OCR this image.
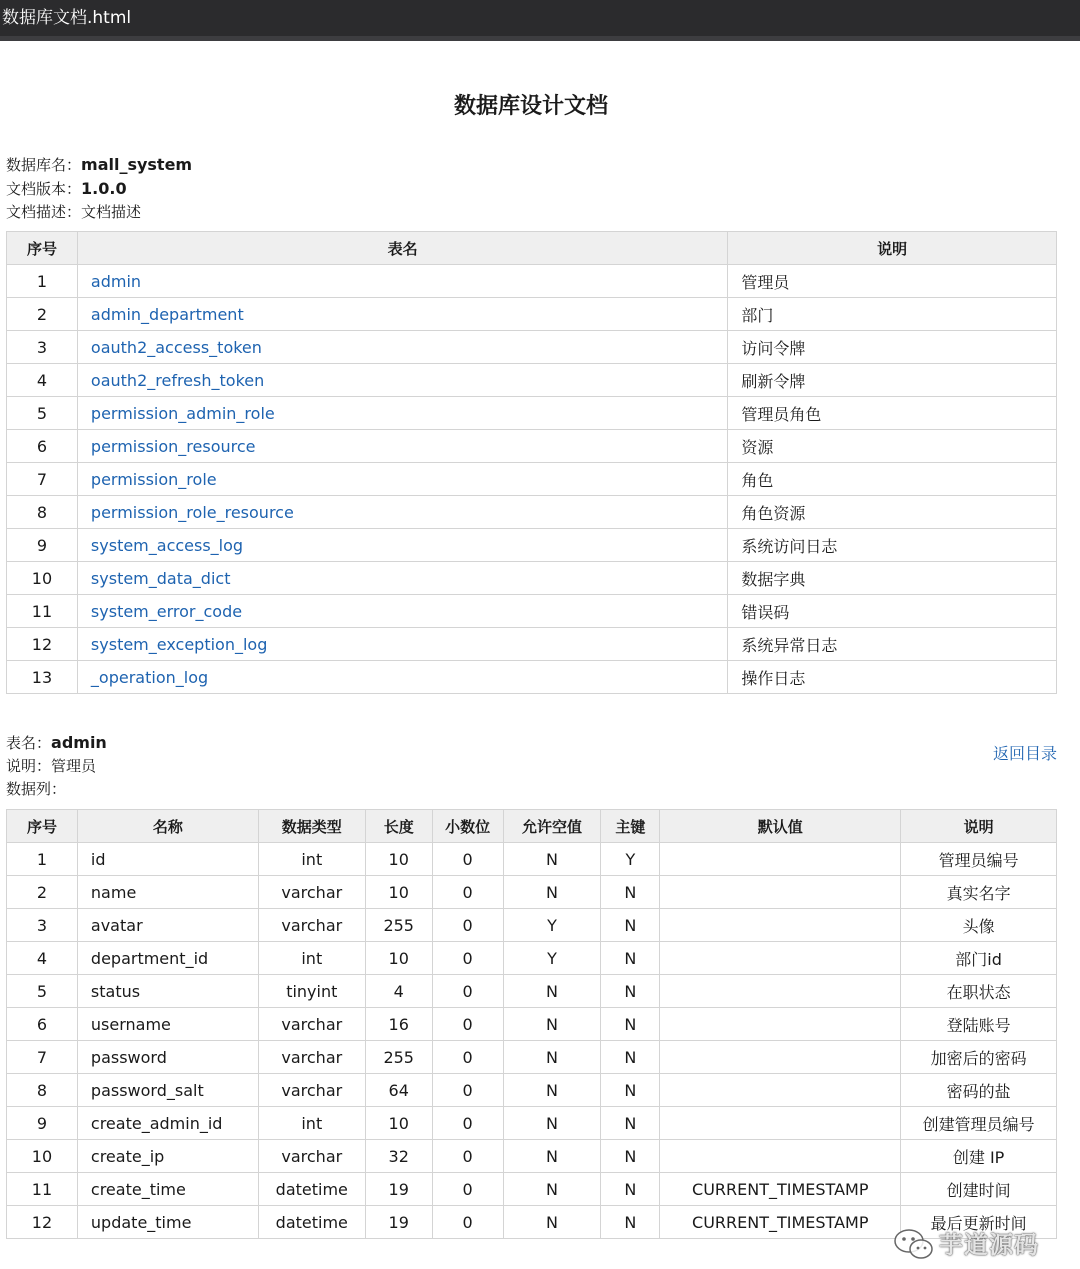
数据库文档.html
数据库设计文档
数据库名：mall_system
文档版本：1.0.0
文档描述：文档描述
序号	表名	说明
1	admin	管理员
2	admin_department	部门
3	oauth2_access_token	访问令牌
4	oauth2_refresh_token	刷新令牌
5	permission_admin_role	管理员角色
6	permission_resource	资源
7	permission_role	角色
8	permission_role_resource	角色资源
9	system_access_log	系统访问日志
10	system_data_dict	数据字典
11	system_error_code	错误码
12	system_exception_log	系统异常日志
13	_operation_log	操作日志
表名：admin
说明：管理员
数据列：
返回目录
序号	名称	数据类型	长度	小数位	允许空值	主键	默认值	说明
1	id	int	10	0	N	Y		管理员编号
2	name	varchar	10	0	N	N		真实名字
3	avatar	varchar	255	0	Y	N		头像
4	department_id	int	10	0	Y	N		部门id
5	status	tinyint	4	0	N	N		在职状态
6	username	varchar	16	0	N	N		登陆账号
7	password	varchar	255	0	N	N		加密后的密码
8	password_salt	varchar	64	0	N	N		密码的盐
9	create_admin_id	int	10	0	N	N		创建管理员编号
10	create_ip	varchar	32	0	N	N		创建 IP
11	create_time	datetime	19	0	N	N	CURRENT_TIMESTAMP	创建时间
12	update_time	datetime	19	0	N	N	CURRENT_TIMESTAMP	最后更新时间
芋道源码
